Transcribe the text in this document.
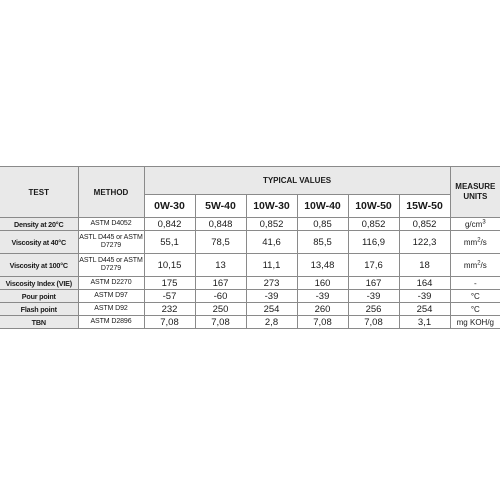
TEST	METHOD	TYPICAL VALUES						MEASURE
UNITS
		0W-30	5W-40	10W-30	10W-40	10W-50	15W-50	
Density at 20°C	ASTM D4052	0,842	0,848	0,852	0,85	0,852	0,852	$g/cm^3$
Viscosity at 40°C	ASTL D445 or ASTM D7279	55,1	78,5	41,6	85,5	116,9	122,3	$mm^2/s$
Viscosity at 100°C	ASTL D445 or ASTM D7279	10,15	13	11,1	13,48	17,6	18	$mm^2/s$
Viscosity Index (VIE)	ASTM D2270	175	167	273	160	167	164	-
Pour point	ASTM D97	-57	-60	-39	-39	-39	-39	°C
Flash point	ASTM D92	232	250	254	260	256	254	°C
TBN	ASTM D2896	7,08	7,08	2,8	7,08	7,08	3,1	mg KOH/g
